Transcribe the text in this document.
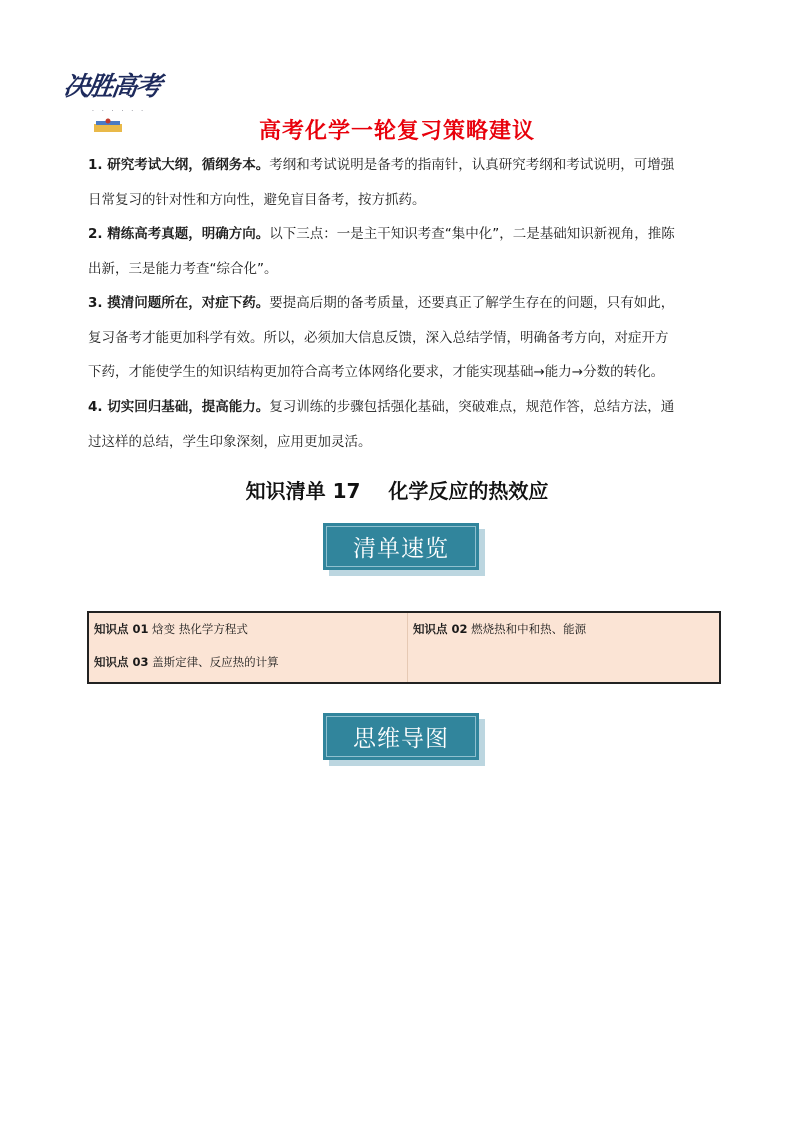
决胜高考
· · · · · ·
高考化学一轮复习策略建议
1. 研究考试大纲，循纲务本。考纲和考试说明是备考的指南针，认真研究考纲和考试说明，可增强
日常复习的针对性和方向性，避免盲目备考，按方抓药。
2. 精练高考真题，明确方向。以下三点：一是主干知识考查“集中化”，二是基础知识新视角，推陈
出新，三是能力考查“综合化”。
3. 摸清问题所在，对症下药。要提高后期的备考质量，还要真正了解学生存在的问题，只有如此，
复习备考才能更加科学有效。所以，必须加大信息反馈，深入总结学情，明确备考方向，对症开方
下药，才能使学生的知识结构更加符合高考立体网络化要求，才能实现基础→能力→分数的转化。
4. 切实回归基础，提高能力。复习训练的步骤包括强化基础，突破难点，规范作答，总结方法，通
过这样的总结，学生印象深刻，应用更加灵活。
知识清单 17    化学反应的热效应
清单速览
知识点 01 焓变 热化学方程式	知识点 02 燃烧热和中和热、能源
知识点 03 盖斯定律、反应热的计算
思维导图
